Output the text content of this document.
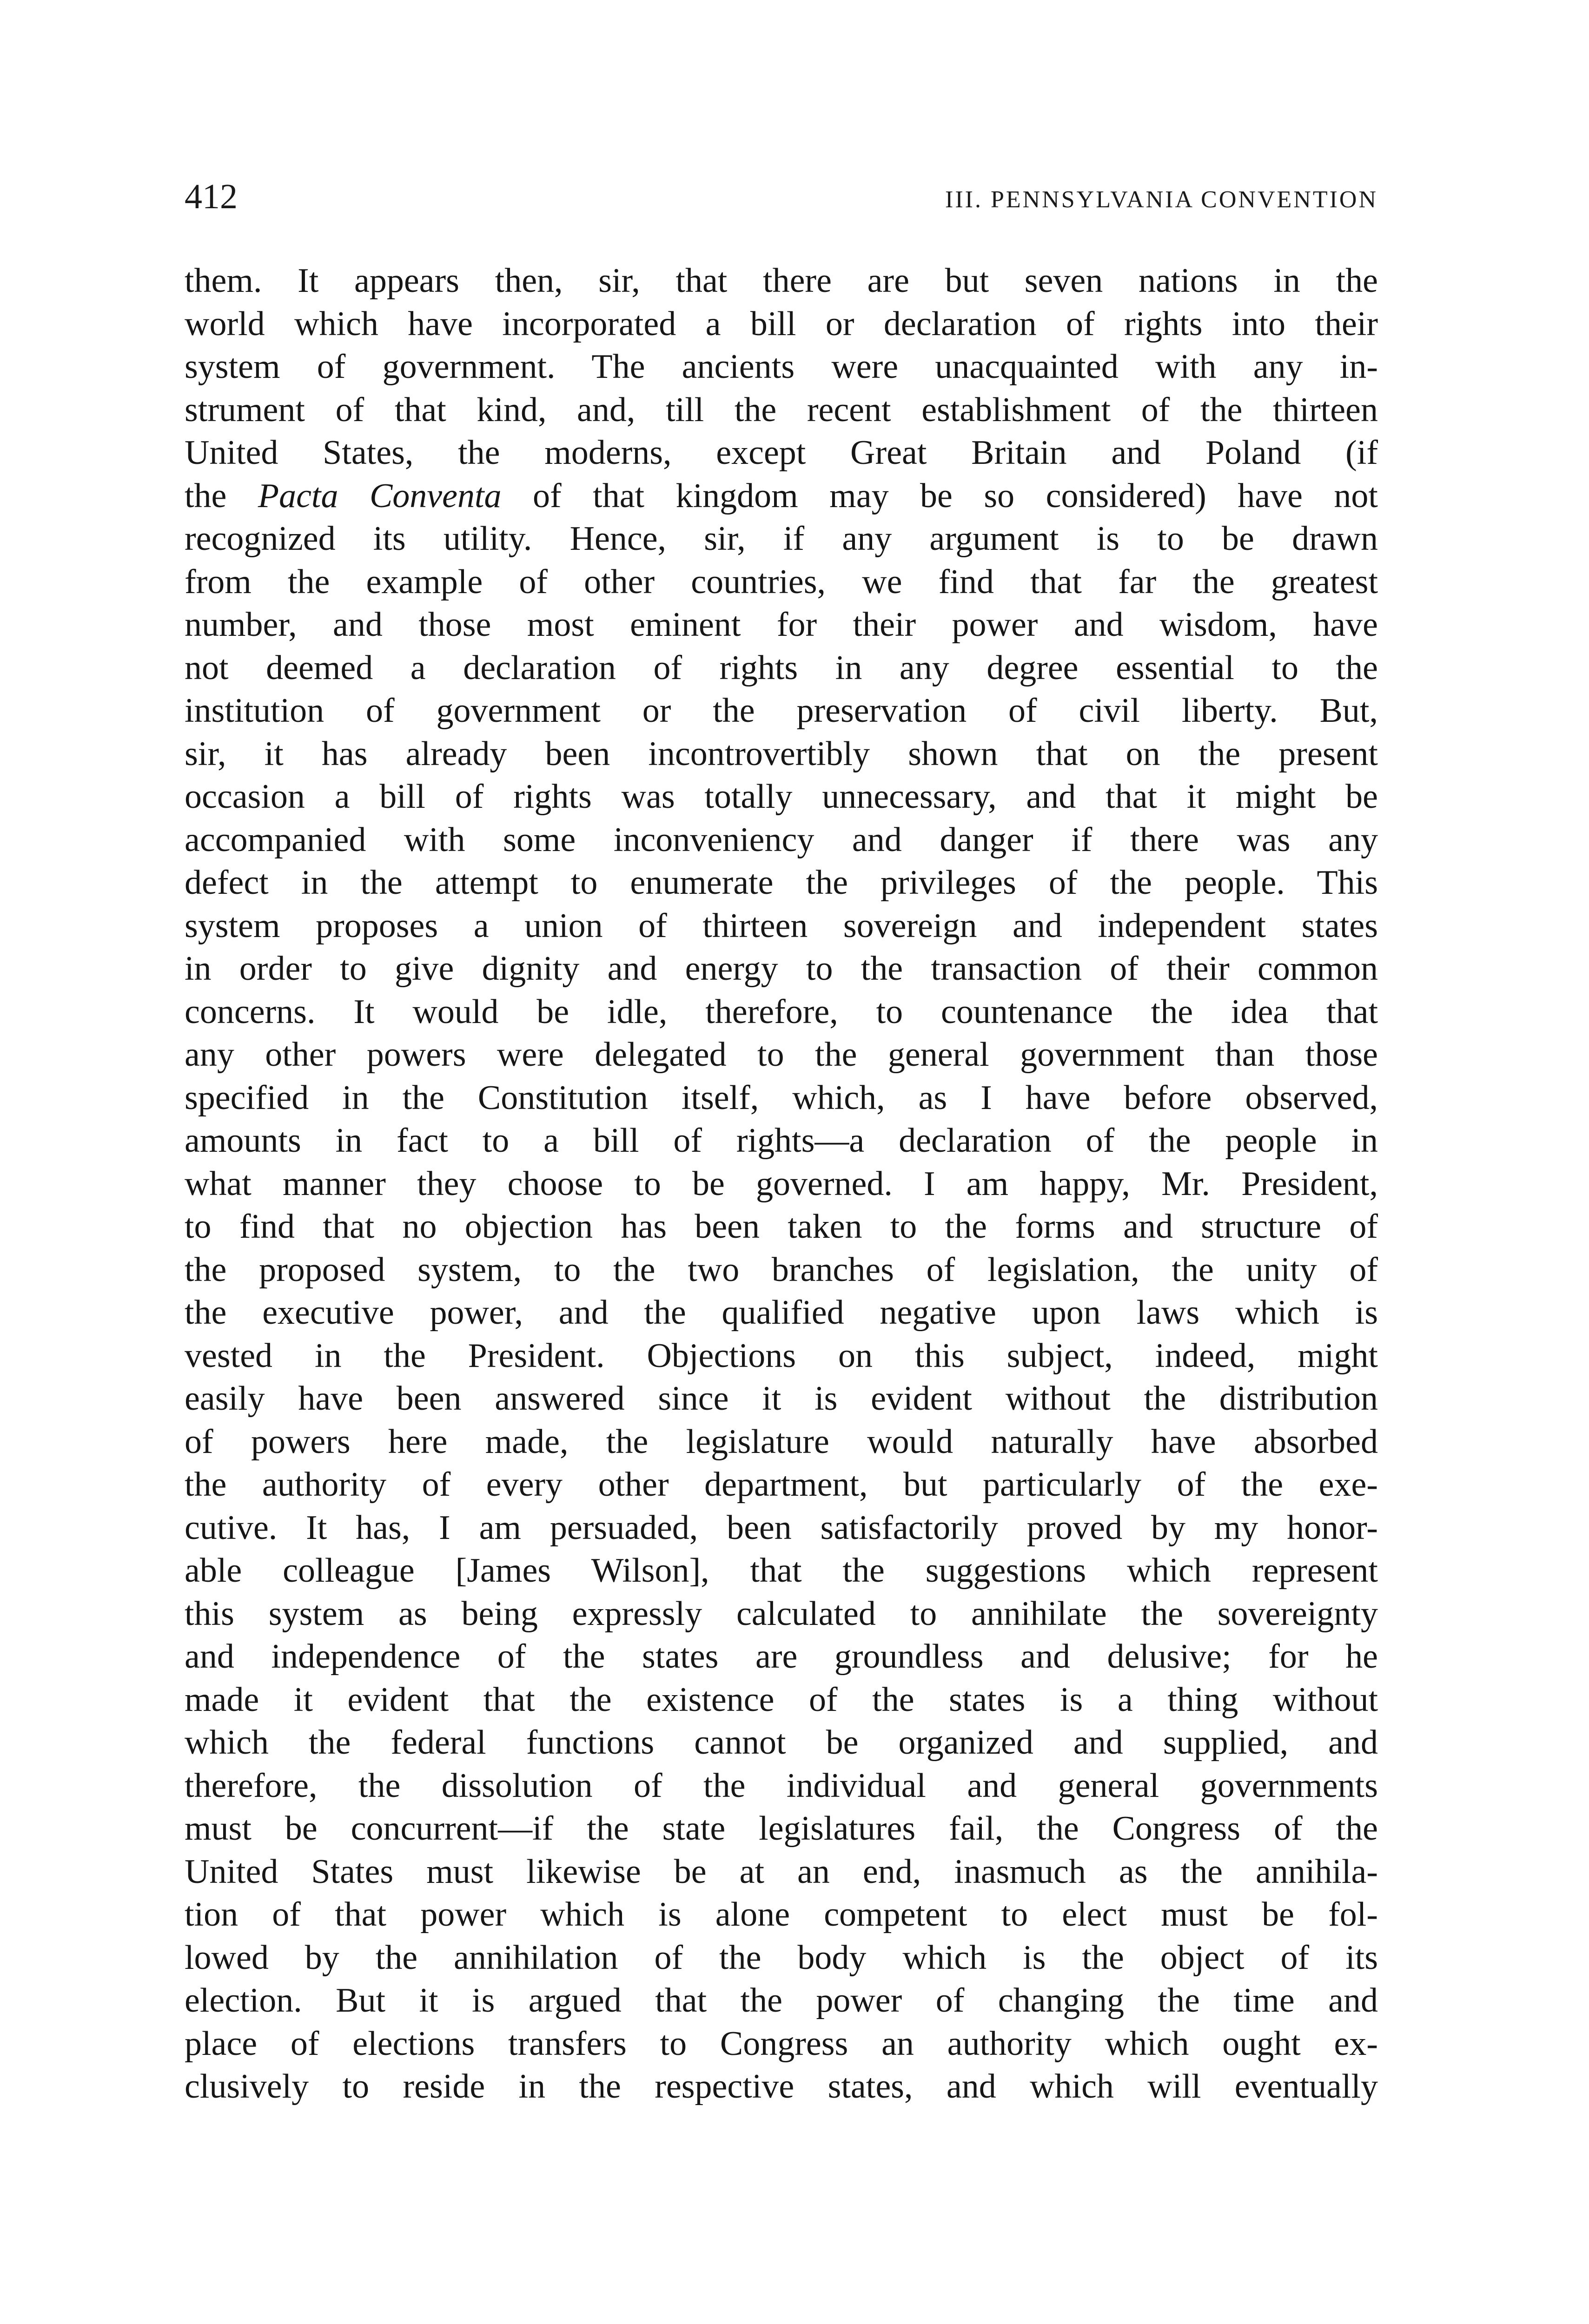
412	III. PENNSYLVANIA CONVENTION
them. It appears then, sir, that there are but seven nations in the
world which have incorporated a bill or declaration of rights into their
system of government. The ancients were unacquainted with any in-
strument of that kind, and, till the recent establishment of the thirteen
United States, the moderns, except Great Britain and Poland (if
the Pacta Conventa of that kingdom may be so considered) have not
recognized its utility. Hence, sir, if any argument is to be drawn
from the example of other countries, we find that far the greatest
number, and those most eminent for their power and wisdom, have
not deemed a declaration of rights in any degree essential to the
institution of government or the preservation of civil liberty. But,
sir, it has already been incontrovertibly shown that on the present
occasion a bill of rights was totally unnecessary, and that it might be
accompanied with some inconveniency and danger if there was any
defect in the attempt to enumerate the privileges of the people. This
system proposes a union of thirteen sovereign and independent states
in order to give dignity and energy to the transaction of their common
concerns. It would be idle, therefore, to countenance the idea that
any other powers were delegated to the general government than those
specified in the Constitution itself, which, as I have before observed,
amounts in fact to a bill of rights—a declaration of the people in
what manner they choose to be governed. I am happy, Mr. President,
to find that no objection has been taken to the forms and structure of
the proposed system, to the two branches of legislation, the unity of
the executive power, and the qualified negative upon laws which is
vested in the President. Objections on this subject, indeed, might
easily have been answered since it is evident without the distribution
of powers here made, the legislature would naturally have absorbed
the authority of every other department, but particularly of the exe-
cutive. It has, I am persuaded, been satisfactorily proved by my honor-
able colleague [James Wilson], that the suggestions which represent
this system as being expressly calculated to annihilate the sovereignty
and independence of the states are groundless and delusive; for he
made it evident that the existence of the states is a thing without
which the federal functions cannot be organized and supplied, and
therefore, the dissolution of the individual and general governments
must be concurrent—if the state legislatures fail, the Congress of the
United States must likewise be at an end, inasmuch as the annihila-
tion of that power which is alone competent to elect must be fol-
lowed by the annihilation of the body which is the object of its
election. But it is argued that the power of changing the time and
place of elections transfers to Congress an authority which ought ex-
clusively to reside in the respective states, and which will eventually
